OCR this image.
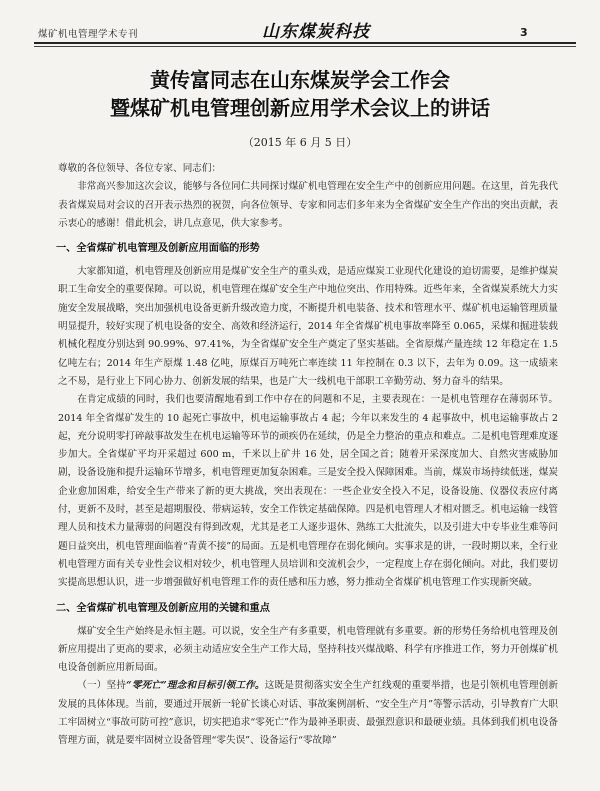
煤矿机电管理学术专刊	山东煤炭科技	3
黄传富同志在山东煤炭学会工作会
暨煤矿机电管理创新应用学术会议上的讲话
（2015 年 6 月 5 日）

尊敬的各位领导、各位专家、同志们：

非常高兴参加这次会议，能够与各位同仁共同探讨煤矿机电管理在安全生产中的创新应用问题。在这里，首先我代表省煤炭局对会议的召开表示热烈的祝贺，向各位领导、专家和同志们多年来为全省煤矿安全生产作出的突出贡献，表示衷心的感谢！借此机会，讲几点意见，供大家参考。

一、全省煤矿机电管理及创新应用面临的形势

大家都知道，机电管理及创新应用是煤矿安全生产的重头戏，是适应煤炭工业现代化建设的迫切需要，是维护煤炭职工生命安全的重要保障。可以说，机电管理在煤矿安全生产中地位突出、作用特殊。近些年来，全省煤炭系统大力实施安全发展战略，突出加强机电设备更新升级改造力度，不断提升机电装备、技术和管理水平、煤矿机电运输管理质量明显提升，较好实现了机电设备的安全、高效和经济运行，2014 年全省煤矿机电事故率降至 0.065，采煤和掘进装载机械化程度分别达到 90.99%、97.41%，为全省煤矿安全生产奠定了坚实基础。全省原煤产量连续 12 年稳定在 1.5 亿吨左右；2014 年生产原煤 1.48 亿吨，原煤百万吨死亡率连续 11 年控制在 0.3 以下，去年为 0.09。这一成绩来之不易，是行业上下同心协力、创新发展的结果，也是广大一线机电干部职工辛勤劳动、努力奋斗的结果。

在肯定成绩的同时，我们也要清醒地看到工作中存在的问题和不足，主要表现在：一是机电管理存在薄弱环节。2014 年全省煤矿发生的 10 起死亡事故中，机电运输事故占 4 起；今年以来发生的 4 起事故中，机电运输事故占 2 起，充分说明零打碎敲事故发生在机电运输等环节的顽疾仍在延续，仍是全力整治的重点和难点。二是机电管理难度逐步加大。全省煤矿平均开采超过 600 m，千米以上矿井 16 处，居全国之首；随着开采深度加大、自然灾害威胁加剧，设备设施和提升运输环节增多，机电管理更加复杂困难。三是安全投入保障困难。当前，煤炭市场持续低迷，煤炭企业愈加困难，给安全生产带来了新的更大挑战，突出表现在：一些企业安全投入不足，设备设施、仪器仪表应付离付，更新不及时，甚至是超期服役、带病运转，安全工作铁定基础保障。四是机电管理人才相对匮乏。机电运输一线管理人员和技术力量薄弱的问题没有得到改观，尤其是老工人逐步退休、熟练工大批流失，以及引进大中专毕业生难等问题日益突出，机电管理面临着“青黄不接”的局面。五是机电管理存在弱化倾向。实事求是的讲，一段时期以来，全行业机电管理方面有关专业性会议相对较少，机电管理人员培训和交流机会少，一定程度上存在弱化倾向。对此，我们要切实提高思想认识，进一步增强做好机电管理工作的责任感和压力感，努力推动全省煤矿机电管理工作实现新突破。

二、全省煤矿机电管理及创新应用的关键和重点

煤矿安全生产始终是永恒主题。可以说，安全生产有多重要，机电管理就有多重要。新的形势任务给机电管理及创新应用提出了更高的要求，必须主动适应安全生产工作大局，坚持科技兴煤战略、科学有序推进工作，努力开创煤矿机电设备创新应用新局面。

（一）坚持“零死亡”理念和目标引领工作。这既是贯彻落实安全生产红线观的重要举措，也是引领机电管理创新发展的具体体现。当前，要通过开展新一轮矿长谈心对话、事故案例剖析、“安全生产月”等警示活动，引导教育广大职工牢固树立“事故可防可控”意识，切实把追求“零死亡”作为最神圣职责、最强烈意识和最硬业绩。具体到我们机电设备管理方面，就是要牢固树立设备管理“零失误”、设备运行“零故障”
